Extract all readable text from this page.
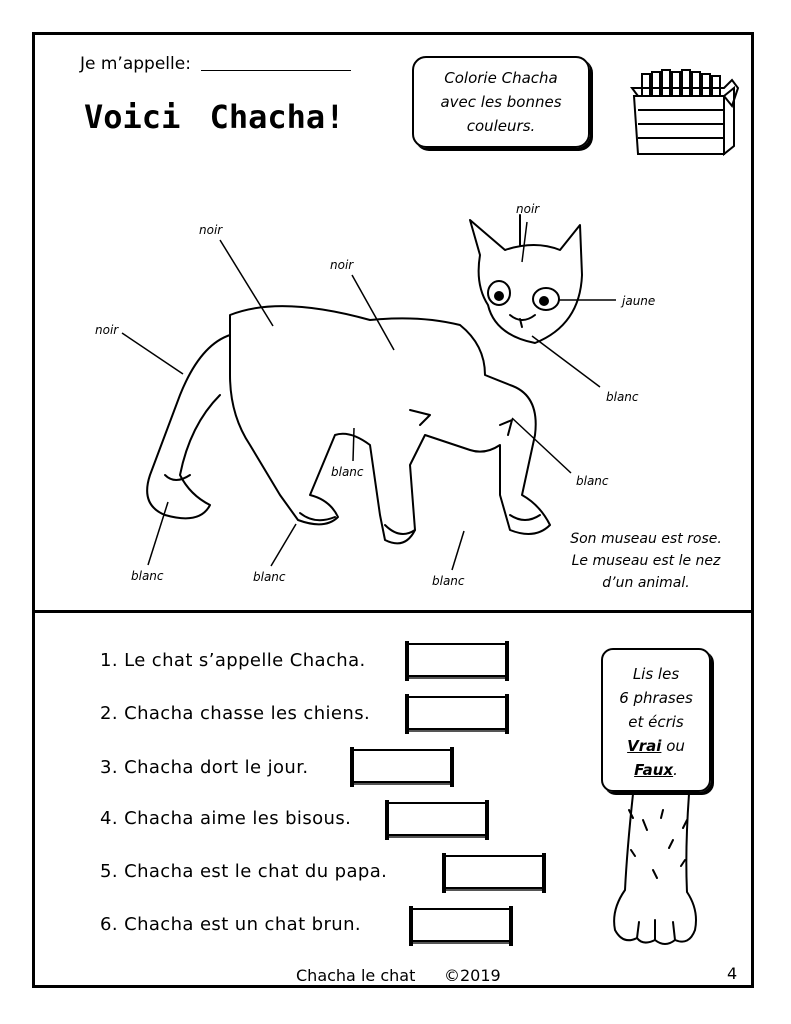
Je m’appelle:
Voici Chacha!
Colorie Chacha
avec les bonnes
couleurs.
noir
noir
noir
noir
jaune
blanc
blanc
blanc
blanc	blanc	blanc
Son museau est rose.
Le museau est le nez
d’un animal.
1. Le chat s’appelle Chacha.
2. Chacha chasse les chiens.
3. Chacha dort le jour.
4. Chacha aime les bisous.
5. Chacha est le chat du papa.
6. Chacha est un chat brun.
Lis les
6 phrases
et écris
Vrai ou
Faux.
Chacha le chat ©2019	4
